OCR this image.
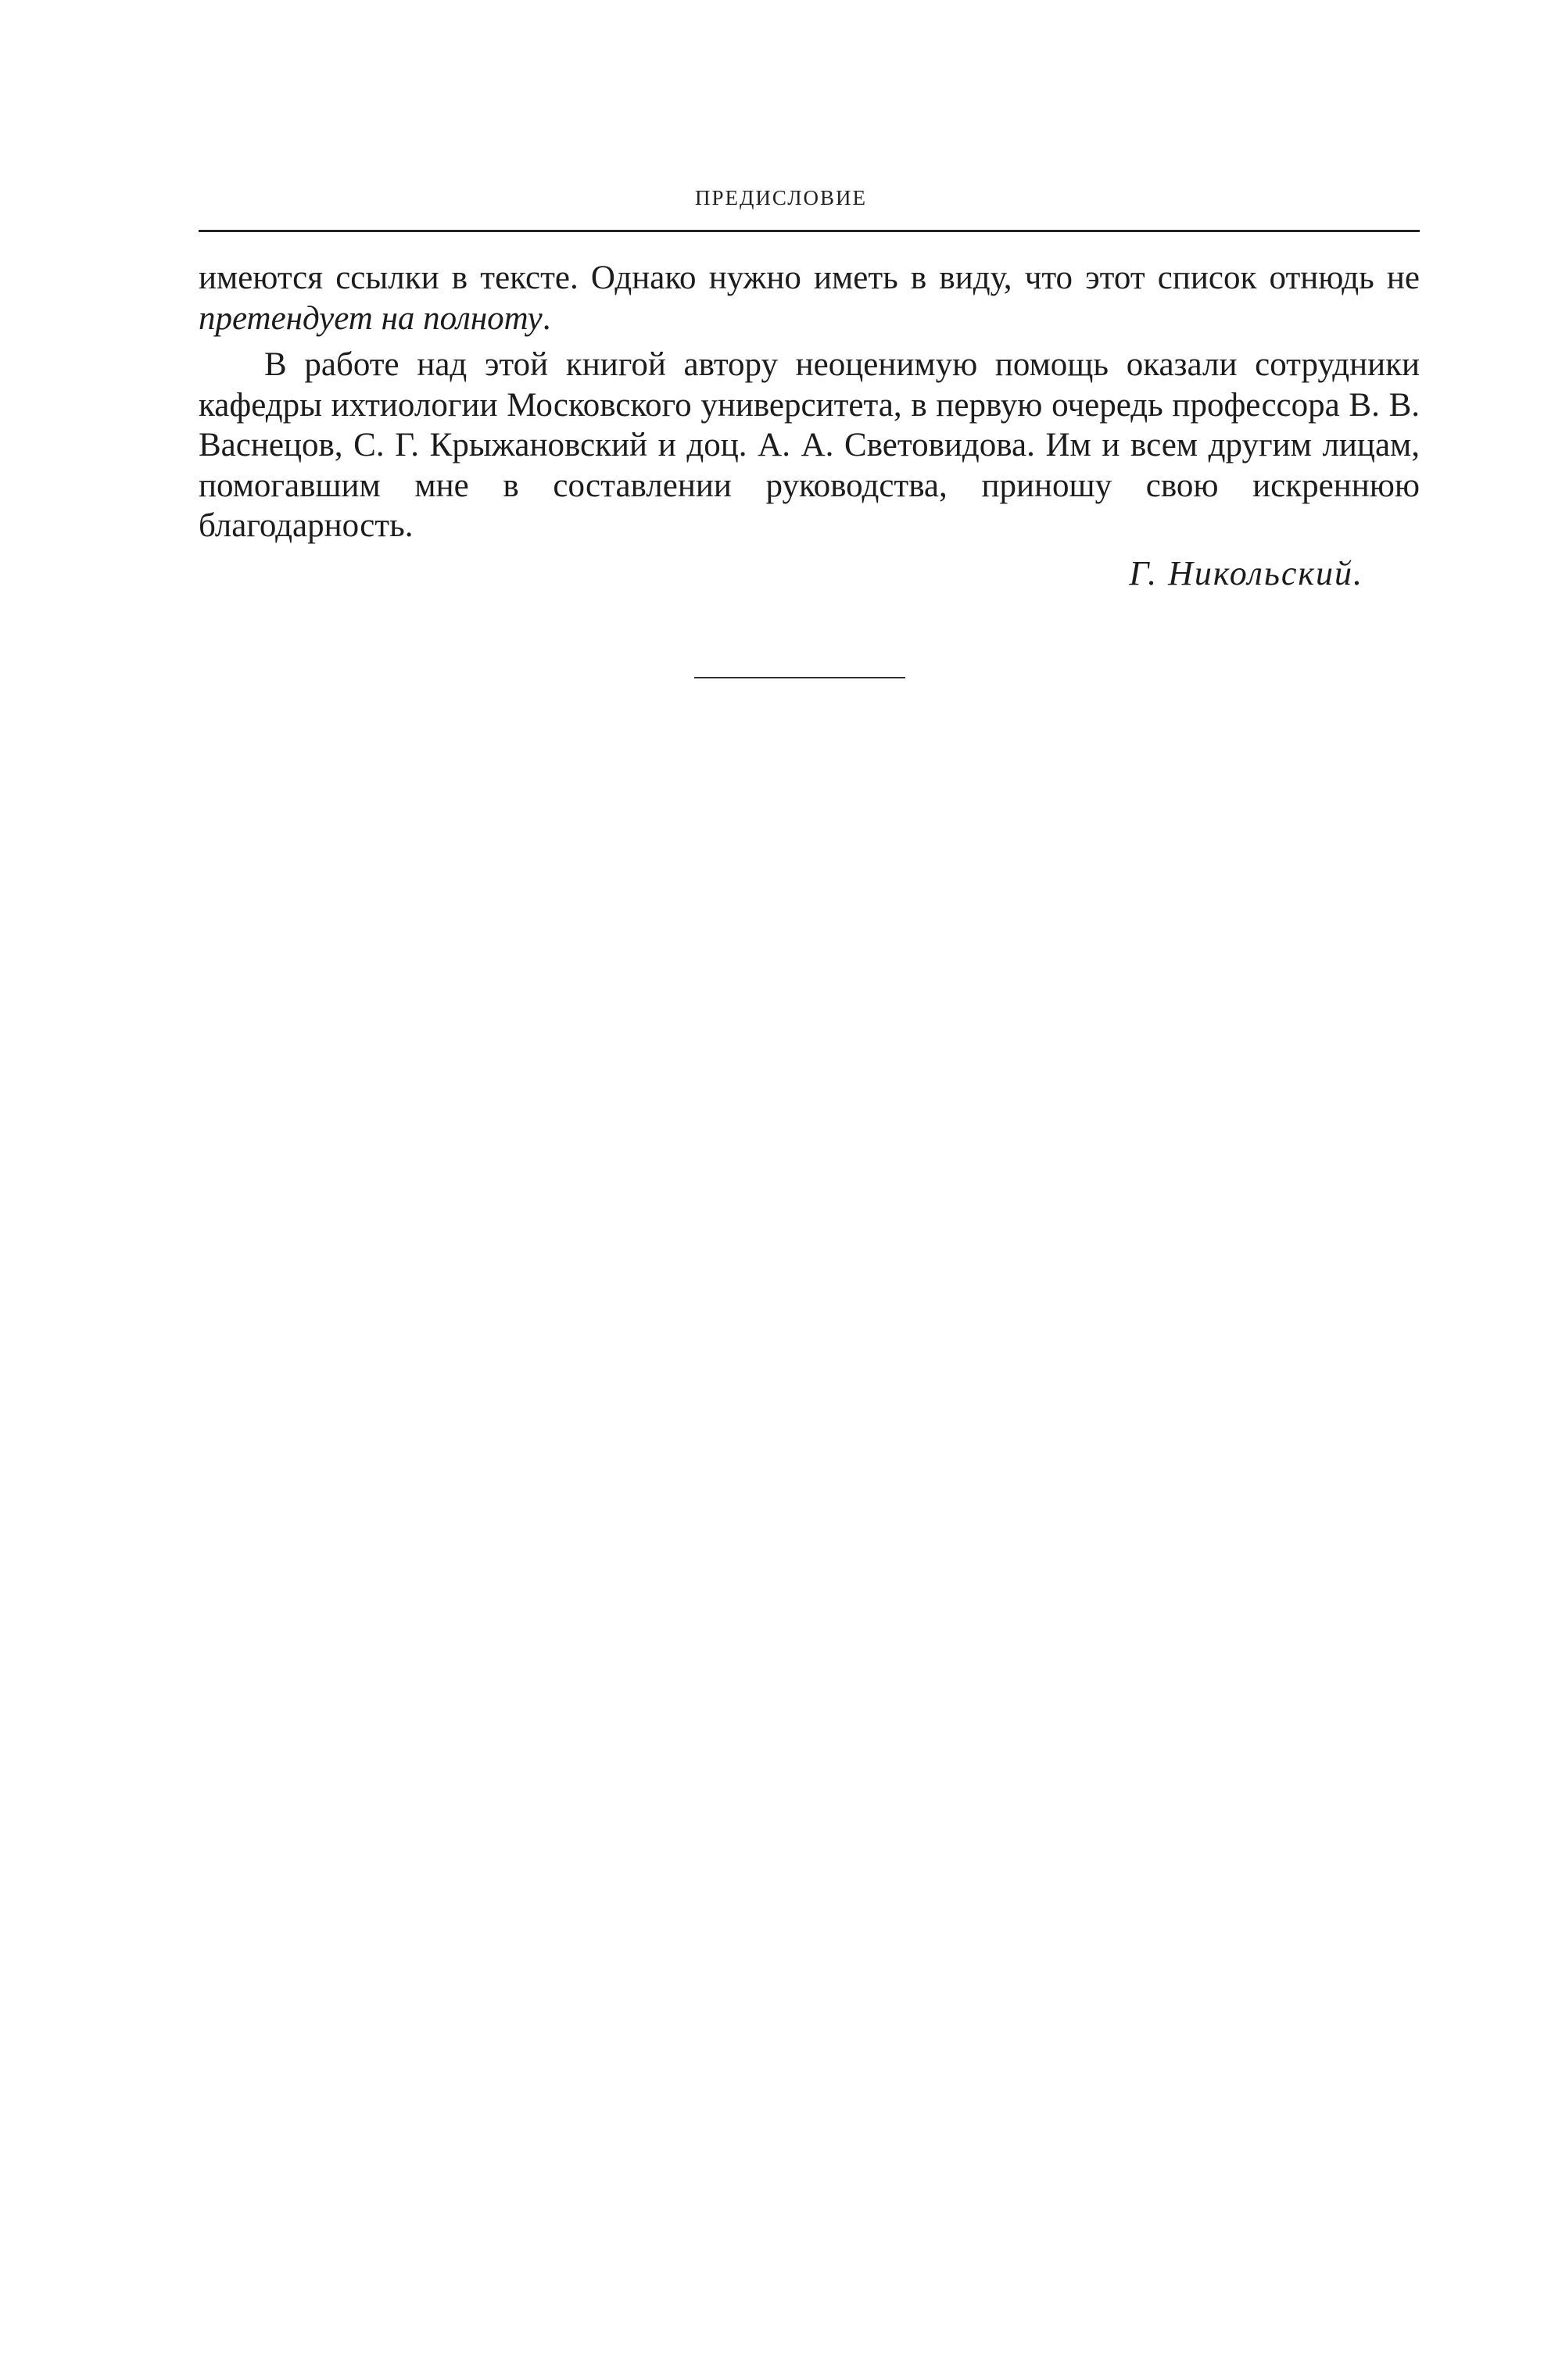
ПРЕДИСЛОВИЕ

имеются ссылки в тексте. Однако нужно иметь в виду, что этот список отнюдь не претендует на полноту.

В работе над этой книгой автору неоценимую помощь оказали сотрудники кафедры ихтиологии Московского университета, в первую очередь профессора В. В. Васнецов, С. Г. Крыжановский и доц. А. А. Световидова. Им и всем другим лицам, помогавшим мне в составлении руководства, приношу свою искреннюю благодарность.

Г. Никольский.
